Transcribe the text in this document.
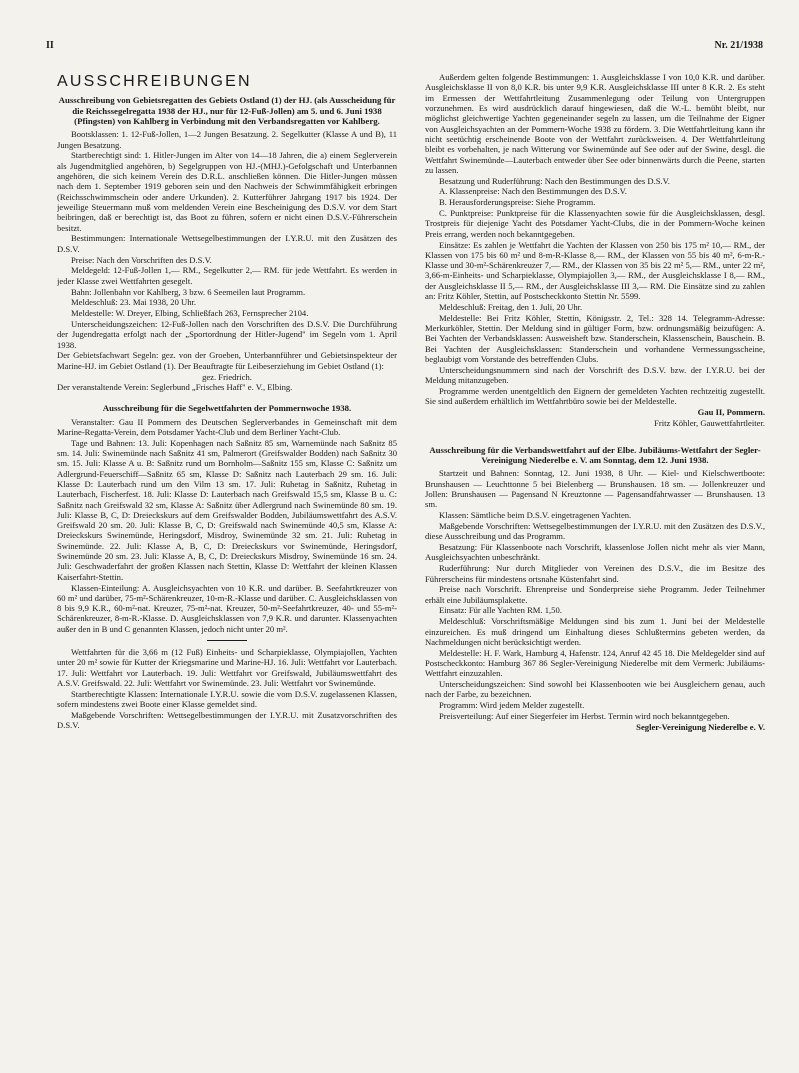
II	Nr. 21/1938
AUSSCHREIBUNGEN
Ausschreibung von Gebietsregatten des Gebiets Ostland (1) der HJ. (als Ausscheidung für die Reichssegelregatta 1938 der HJ., nur für 12-Fuß-Jollen) am 5. und 6. Juni 1938 (Pfingsten) von Kahlberg in Verbindung mit den Verbandsregatten vor Kahlberg.

Bootsklassen: 1. 12-Fuß-Jollen, 1—2 Jungen Besatzung. 2. Segelkutter (Klasse A und B), 11 Jungen Besatzung.

Startberechtigt sind: 1. Hitler-Jungen im Alter von 14—18 Jahren, die a) einem Seglerverein als Jugendmitglied angehören, b) Segelgruppen von HJ.-(MHJ.)-Gefolgschaft und Unterbannen angehören, die sich keinem Verein des D.R.L. anschließen können. Die Hitler-Jungen müssen nach dem 1. September 1919 geboren sein und den Nachweis der Schwimmfähigkeit erbringen (Reichsschwimmschein oder andere Urkunden). 2. Kutterführer Jahrgang 1917 bis 1924. Der jeweilige Steuermann muß vom meldenden Verein eine Bescheinigung des D.S.V. vor dem Start beibringen, daß er berechtigt ist, das Boot zu führen, sofern er nicht einen D.S.V.-Führerschein besitzt.

Bestimmungen: Internationale Wettsegelbestimmungen der I.Y.R.U. mit den Zusätzen des D.S.V.

Preise: Nach den Vorschriften des D.S.V.

Meldegeld: 12-Fuß-Jollen 1,— RM., Segelkutter 2,— RM. für jede Wettfahrt. Es werden in jeder Klasse zwei Wettfahrten gesegelt.

Bahn: Jollenbahn vor Kahlberg, 3 bzw. 6 Seemeilen laut Programm.

Meldeschluß: 23. Mai 1938, 20 Uhr.

Meldestelle: W. Dreyer, Elbing, Schließfach 263, Fernsprecher 2104.

Unterscheidungszeichen: 12-Fuß-Jollen nach den Vorschriften des D.S.V. Die Durchführung der Jugendregatta erfolgt nach der „Sportordnung der Hitler-Jugend" im Segeln vom 1. April 1938.

Der Gebietsfachwart Segeln: gez. von der Groeben, Unterbannführer und Gebietsinspekteur der Marine-HJ. im Gebiet Ostland (1). Der Beauftragte für Leibeserziehung im Gebiet Ostland (1):

gez. Friedrich.

Der veranstaltende Verein: Seglerbund „Frisches Haff" e. V., Elbing.

Ausschreibung für die Segelwettfahrten der Pommernwoche 1938.

Veranstalter: Gau II Pommern des Deutschen Seglerverbandes in Gemeinschaft mit dem Marine-Regatta-Verein, dem Potsdamer Yacht-Club und dem Berliner Yacht-Club.

Tage und Bahnen: 13. Juli: Kopenhagen nach Saßnitz 85 sm, Warnemünde nach Saßnitz 85 sm. 14. Juli: Swinemünde nach Saßnitz 41 sm, Palmerort (Greifswalder Bodden) nach Saßnitz 30 sm. 15. Juli: Klasse A u. B: Saßnitz rund um Bornholm—Saßnitz 155 sm, Klasse C: Saßnitz um Adlergrund-Feuerschiff—Saßnitz 65 sm, Klasse D: Saßnitz nach Lauterbach 29 sm. 16. Juli: Klasse D: Lauterbach rund um den Vilm 13 sm. 17. Juli: Ruhetag in Saßnitz, Ruhetag in Lauterbach, Fischerfest. 18. Juli: Klasse D: Lauterbach nach Greifswald 15,5 sm, Klasse B u. C: Saßnitz nach Greifswald 32 sm, Klasse A: Saßnitz über Adlergrund nach Swinemünde 80 sm. 19. Juli: Klasse B, C, D: Dreieckskurs auf dem Greifswalder Bodden, Jubiläumswettfahrt des A.S.V. Greifswald 20 sm. 20. Juli: Klasse B, C, D: Greifswald nach Swinemünde 40,5 sm, Klasse A: Dreieckskurs Swinemünde, Heringsdorf, Misdroy, Swinemünde 32 sm. 21. Juli: Ruhetag in Swinemünde. 22. Juli: Klasse A, B, C, D: Dreieckskurs vor Swinemünde, Heringsdorf, Swinemünde 20 sm. 23. Juli: Klasse A, B, C, D: Dreieckskurs Misdroy, Swinemünde 16 sm. 24. Juli: Geschwaderfahrt der großen Klassen nach Stettin, Klasse D: Wettfahrt der kleinen Klassen Kaiserfahrt-Stettin.

Klassen-Einteilung: A. Ausgleichsyachten von 10 K.R. und darüber. B. Seefahrtkreuzer von 60 m² und darüber, 75-m²-Schärenkreuzer, 10-m-R.-Klasse und darüber. C. Ausgleichsklassen von 8 bis 9,9 K.R., 60-m²-nat. Kreuzer, 75-m²-nat. Kreuzer, 50-m²-Seefahrtkreuzer, 40- und 55-m²-Schärenkreuzer, 8-m-R.-Klasse. D. Ausgleichsklassen von 7,9 K.R. und darunter. Klassenyachten außer den in B und C genannten Klassen, jedoch nicht unter 20 m².

Wettfahrten für die 3,66 m (12 Fuß) Einheits- und Scharpieklasse, Olympiajollen, Yachten unter 20 m² sowie für Kutter der Kriegsmarine und Marine-HJ. 16. Juli: Wettfahrt vor Lauterbach. 17. Juli: Wettfahrt vor Lauterbach. 19. Juli: Wettfahrt vor Greifswald, Jubiläumswettfahrt des A.S.V. Greifswald. 22. Juli: Wettfahrt vor Swinemünde. 23. Juli: Wettfahrt vor Swinemünde.

Startberechtigte Klassen: Internationale I.Y.R.U. sowie die vom D.S.V. zugelassenen Klassen, sofern mindestens zwei Boote einer Klasse gemeldet sind.

Maßgebende Vorschriften: Wettsegelbestimmungen der I.Y.R.U. mit Zusatzvorschriften des D.S.V.

Außerdem gelten folgende Bestimmungen: 1. Ausgleichsklasse I von 10,0 K.R. und darüber. Ausgleichsklasse II von 8,0 K.R. bis unter 9,9 K.R. Ausgleichsklasse III unter 8 K.R. 2. Es steht im Ermessen der Wettfahrtleitung Zusammenlegung oder Teilung von Untergruppen vorzunehmen. Es wird ausdrücklich darauf hingewiesen, daß die W.-L. bemüht bleibt, nur möglichst gleichwertige Yachten gegeneinander segeln zu lassen, um die Teilnahme der Eigner von Ausgleichsyachten an der Pommern-Woche 1938 zu fördern. 3. Die Wettfahrtleitung kann ihr nicht seetüchtig erscheinende Boote von der Wettfahrt zurückweisen. 4. Der Wettfahrtleitung bleibt es vorbehalten, je nach Witterung vor Swinemünde auf See oder auf der Swine, desgl. die Wettfahrt Swinemünde—Lauterbach entweder über See oder binnenwärts durch die Peene, starten zu lassen.

Besatzung und Ruderführung: Nach den Bestimmungen des D.S.V.

A. Klassenpreise: Nach den Bestimmungen des D.S.V.

B. Herausforderungspreise: Siehe Programm.

C. Punktpreise: Punktpreise für die Klassenyachten sowie für die Ausgleichsklassen, desgl. Trostpreis für diejenige Yacht des Potsdamer Yacht-Clubs, die in der Pommern-Woche keinen Preis errang, werden noch bekanntgegeben.

Einsätze: Es zahlen je Wettfahrt die Yachten der Klassen von 250 bis 175 m² 10,— RM., der Klassen von 175 bis 60 m² und 8-m-R-Klasse 8,— RM., der Klassen von 55 bis 40 m², 6-m-R.-Klasse und 30-m²-Schärenkreuzer 7,— RM., der Klassen von 35 bis 22 m² 5,— RM., unter 22 m², 3,66-m-Einheits- und Scharpieklasse, Olympiajollen 3,— RM., der Ausgleichsklasse I 8,— RM., der Ausgleichsklasse II 5,— RM., der Ausgleichsklasse III 3,— RM. Die Einsätze sind zu zahlen an: Fritz Köhler, Stettin, auf Postscheckkonto Stettin Nr. 5599.

Meldeschluß: Freitag, den 1. Juli, 20 Uhr.

Meldestelle: Bei Fritz Köhler, Stettin, Königsstr. 2, Tel.: 328 14. Telegramm-Adresse: Merkurköhler, Stettin. Der Meldung sind in gültiger Form, bzw. ordnungsmäßig beizufügen: A. Bei Yachten der Verbandsklassen: Ausweisheft bzw. Standerschein, Klassenschein, Bauschein. B. Bei Yachten der Ausgleichsklassen: Standerschein und vorhandene Vermessungsscheine, beglaubigt vom Vorstande des betreffenden Clubs.

Unterscheidungsnummern sind nach der Vorschrift des D.S.V. bzw. der I.Y.R.U. bei der Meldung mitanzugeben.

Programme werden unentgeltlich den Eignern der gemeldeten Yachten rechtzeitig zugestellt. Sie sind außerdem erhältlich im Wettfahrtbüro sowie bei der Meldestelle.

Gau II, Pommern.

Fritz Köhler, Gauwettfahrtleiter.

Ausschreibung für die Verbandswettfahrt auf der Elbe. Jubiläums-Wettfahrt der Segler-Vereinigung Niederelbe e. V. am Sonntag, dem 12. Juni 1938.

Startzeit und Bahnen: Sonntag, 12. Juni 1938, 8 Uhr. — Kiel- und Kielschwertboote: Brunshausen — Leuchttonne 5 bei Bielenberg — Brunshausen. 18 sm. — Jollenkreuzer und Jollen: Brunshausen — Pagensand N Kreuztonne — Pagensandfahrwasser — Brunshausen. 13 sm.

Klassen: Sämtliche beim D.S.V. eingetragenen Yachten.

Maßgebende Vorschriften: Wettsegelbestimmungen der I.Y.R.U. mit den Zusätzen des D.S.V., diese Ausschreibung und das Programm.

Besatzung: Für Klassenboote nach Vorschrift, klassenlose Jollen nicht mehr als vier Mann, Ausgleichsyachten unbeschränkt.

Ruderführung: Nur durch Mitglieder von Vereinen des D.S.V., die im Besitze des Führerscheins für mindestens ortsnahe Küstenfahrt sind.

Preise nach Vorschrift. Ehrenpreise und Sonderpreise siehe Programm. Jeder Teilnehmer erhält eine Jubiläumsplakette.

Einsatz: Für alle Yachten RM. 1,50.

Meldeschluß: Vorschriftsmäßige Meldungen sind bis zum 1. Juni bei der Meldestelle einzureichen. Es muß dringend um Einhaltung dieses Schlußtermins gebeten werden, da Nachmeldungen nicht berücksichtigt werden.

Meldestelle: H. F. Wark, Hamburg 4, Hafenstr. 124, Anruf 42 45 18. Die Meldegelder sind auf Postscheckkonto: Hamburg 367 86 Segler-Vereinigung Niederelbe mit dem Vermerk: Jubiläums-Wettfahrt einzuzahlen.

Unterscheidungszeichen: Sind sowohl bei Klassenbooten wie bei Ausgleichern genau, auch nach der Farbe, zu bezeichnen.

Programm: Wird jedem Melder zugestellt.

Preisverteilung: Auf einer Siegerfeier im Herbst. Termin wird noch bekanntgegeben.

Segler-Vereinigung Niederelbe e. V.
